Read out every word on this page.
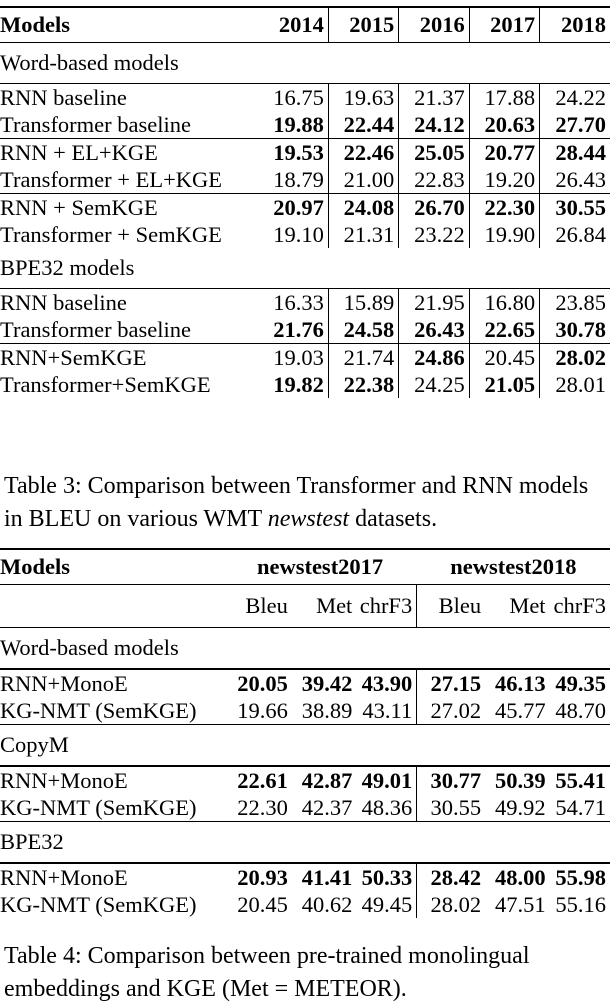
Models	2014	2015	2016	2017	2018
Word-based models					
RNN baseline	16.75	19.63	21.37	17.88	24.22
Transformer baseline	19.88	22.44	24.12	20.63	27.70
RNN + EL+KGE	19.53	22.46	25.05	20.77	28.44
Transformer + EL+KGE	18.79	21.00	22.83	19.20	26.43
RNN + SemKGE	20.97	24.08	26.70	22.30	30.55
Transformer + SemKGE	19.10	21.31	23.22	19.90	26.84
BPE32 models					
RNN baseline	16.33	15.89	21.95	16.80	23.85
Transformer baseline	21.76	24.58	26.43	22.65	30.78
RNN+SemKGE	19.03	21.74	24.86	20.45	28.02
Transformer+SemKGE	19.82	22.38	24.25	21.05	28.01
Table 3: Comparison between Transformer and RNN models in BLEU on various WMT newstest datasets.
Models	newstest2017			newstest2018		
	Bleu	Met	chrF3	Bleu	Met	chrF3
Word-based models						
RNN+MonoE	20.05	39.42	43.90	27.15	46.13	49.35
KG-NMT (SemKGE)	19.66	38.89	43.11	27.02	45.77	48.70
CopyM						
RNN+MonoE	22.61	42.87	49.01	30.77	50.39	55.41
KG-NMT (SemKGE)	22.30	42.37	48.36	30.55	49.92	54.71
BPE32						
RNN+MonoE	20.93	41.41	50.33	28.42	48.00	55.98
KG-NMT (SemKGE)	20.45	40.62	49.45	28.02	47.51	55.16
Table 4: Comparison between pre-trained monolingual embeddings and KGE (Met = METEOR).
